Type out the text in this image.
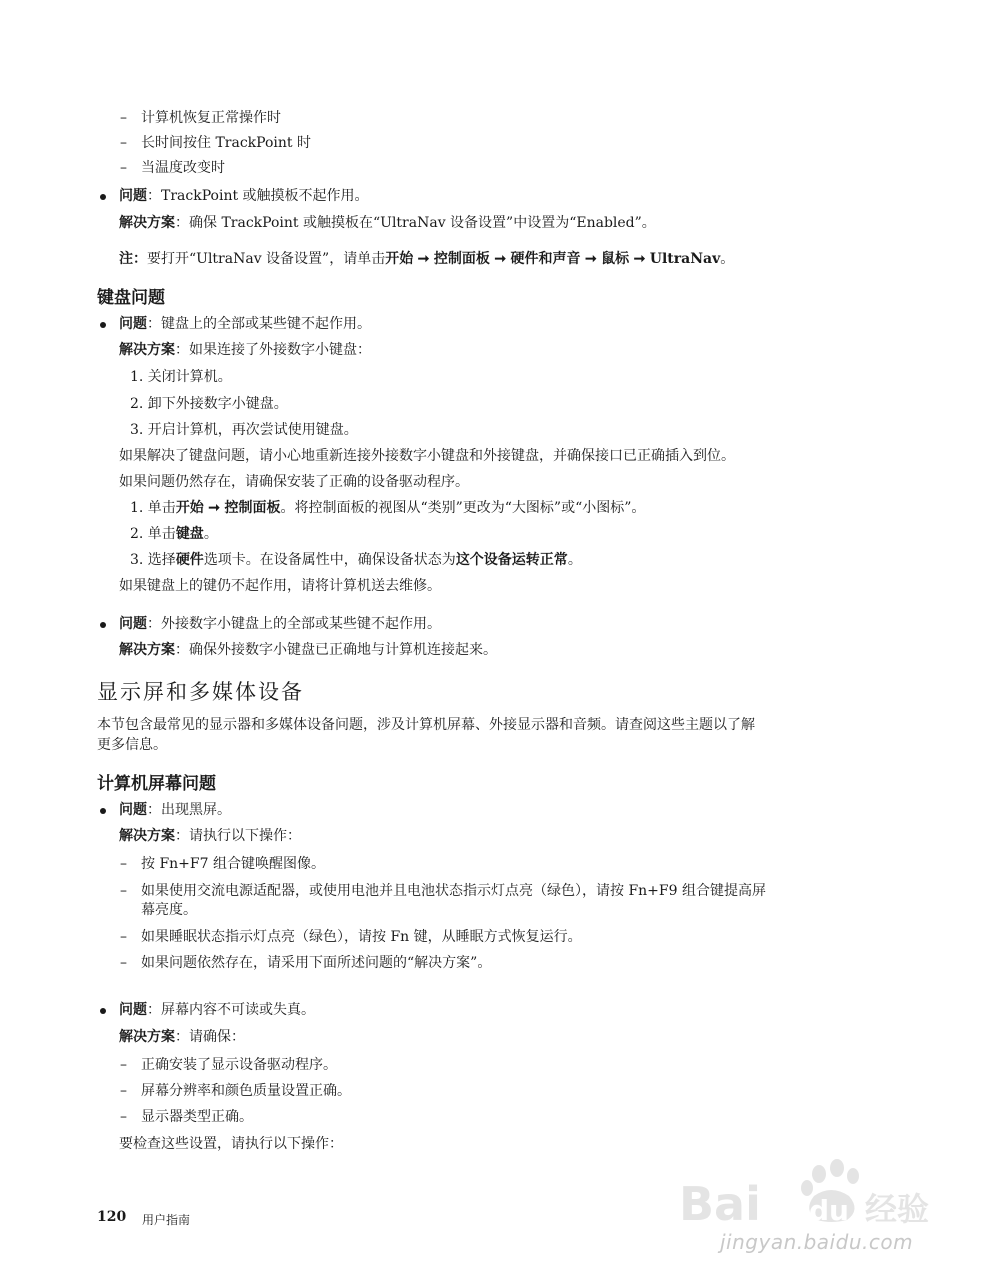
– 计算机恢复正常操作时
– 长时间按住 TrackPoint 时
– 当温度改变时
问题：TrackPoint 或触摸板不起作用。
解决方案：确保 TrackPoint 或触摸板在“UltraNav 设备设置”中设置为“Enabled”。
注：要打开“UltraNav 设备设置”，请单击开始 ➞ 控制面板 ➞ 硬件和声音 ➞ 鼠标 ➞ UltraNav。
键盘问题
问题：键盘上的全部或某些键不起作用。
解决方案：如果连接了外接数字小键盘：
1. 关闭计算机。
2. 卸下外接数字小键盘。
3. 开启计算机，再次尝试使用键盘。
如果解决了键盘问题，请小心地重新连接外接数字小键盘和外接键盘，并确保接口已正确插入到位。
如果问题仍然存在，请确保安装了正确的设备驱动程序。
1. 单击开始 ➞ 控制面板。将控制面板的视图从“类别”更改为“大图标”或“小图标”。
2. 单击键盘。
3. 选择硬件选项卡。在设备属性中，确保设备状态为这个设备运转正常。
如果键盘上的键仍不起作用，请将计算机送去维修。
问题：外接数字小键盘上的全部或某些键不起作用。
解决方案：确保外接数字小键盘已正确地与计算机连接起来。
显示屏和多媒体设备
本节包含最常见的显示器和多媒体设备问题，涉及计算机屏幕、外接显示器和音频。请查阅这些主题以了解
更多信息。
计算机屏幕问题
问题：出现黑屏。
解决方案：请执行以下操作：
– 按 Fn+F7 组合键唤醒图像。
– 如果使用交流电源适配器，或使用电池并且电池状态指示灯点亮（绿色），请按 Fn+F9 组合键提高屏
幕亮度。
– 如果睡眠状态指示灯点亮（绿色），请按 Fn 键，从睡眠方式恢复运行。
– 如果问题依然存在，请采用下面所述问题的“解决方案”。
问题：屏幕内容不可读或失真。
解决方案：请确保：
– 正确安装了显示设备驱动程序。
– 屏幕分辨率和颜色质量设置正确。
– 显示器类型正确。
要检查这些设置，请执行以下操作：
120 用户指南	Bai du 经验
jingyan.baidu.com
